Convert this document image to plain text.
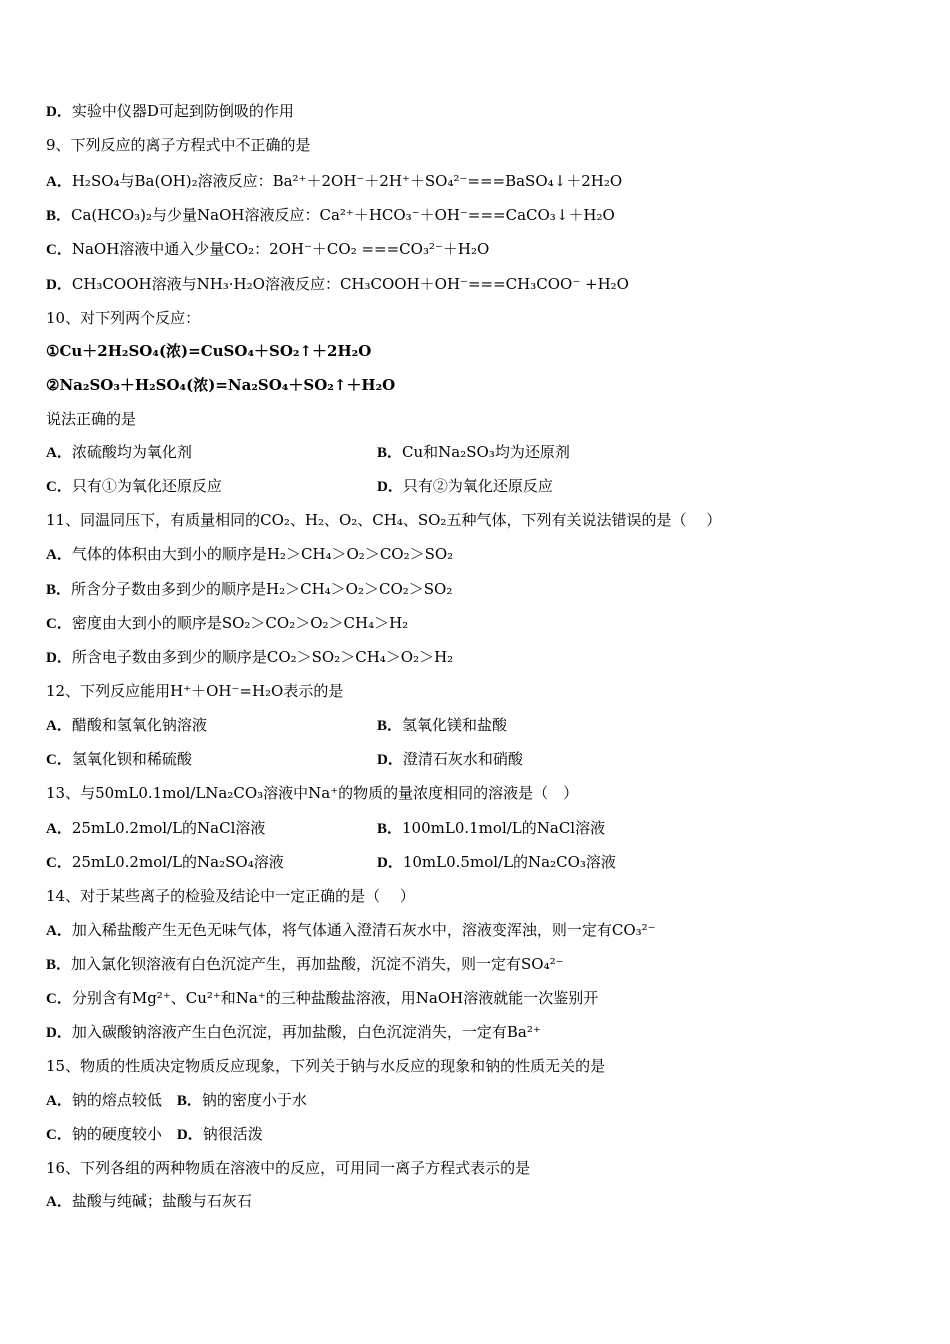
D．实验中仪器D可起到防倒吸的作用
9、下列反应的离子方程式中不正确的是
A．H₂SO₄与Ba(OH)₂溶液反应：Ba²⁺＋2OH⁻＋2H⁺＋SO₄²⁻===BaSO₄↓＋2H₂O
B．Ca(HCO₃)₂与少量NaOH溶液反应：Ca²⁺＋HCO₃⁻＋OH⁻===CaCO₃↓＋H₂O
C．NaOH溶液中通入少量CO₂：2OH⁻＋CO₂ ===CO₃²⁻＋H₂O
D．CH₃COOH溶液与NH₃·H₂O溶液反应：CH₃COOH＋OH⁻===CH₃COO⁻ +H₂O
10、对下列两个反应：
①Cu＋2H₂SO₄(浓)=CuSO₄＋SO₂↑＋2H₂O
②Na₂SO₃＋H₂SO₄(浓)=Na₂SO₄＋SO₂↑＋H₂O
说法正确的是
A．浓硫酸均为氧化剂	B．Cu和Na₂SO₃均为还原剂
C．只有①为氧化还原反应	D．只有②为氧化还原反应
11、同温同压下，有质量相同的CO₂、H₂、O₂、CH₄、SO₂五种气体，下列有关说法错误的是（　 ）
A．气体的体积由大到小的顺序是H₂＞CH₄＞O₂＞CO₂＞SO₂
B．所含分子数由多到少的顺序是H₂＞CH₄＞O₂＞CO₂＞SO₂
C．密度由大到小的顺序是SO₂＞CO₂＞O₂＞CH₄＞H₂
D．所含电子数由多到少的顺序是CO₂＞SO₂＞CH₄＞O₂＞H₂
12、下列反应能用H⁺＋OH⁻=H₂O表示的是
A．醋酸和氢氧化钠溶液	B．氢氧化镁和盐酸
C．氢氧化钡和稀硫酸	D．澄清石灰水和硝酸
13、与50mL0.1mol/LNa₂CO₃溶液中Na⁺的物质的量浓度相同的溶液是（　）
A．25mL0.2mol/L的NaCl溶液	B．100mL0.1mol/L的NaCl溶液
C．25mL0.2mol/L的Na₂SO₄溶液	D．10mL0.5mol/L的Na₂CO₃溶液
14、对于某些离子的检验及结论中一定正确的是（　 ）
A．加入稀盐酸产生无色无味气体，将气体通入澄清石灰水中，溶液变浑浊，则一定有CO₃²⁻
B．加入氯化钡溶液有白色沉淀产生，再加盐酸，沉淀不消失，则一定有SO₄²⁻
C．分别含有Mg²⁺、Cu²⁺和Na⁺的三种盐酸盐溶液，用NaOH溶液就能一次鉴别开
D．加入碳酸钠溶液产生白色沉淀，再加盐酸，白色沉淀消失，一定有Ba²⁺
15、物质的性质决定物质反应现象，下列关于钠与水反应的现象和钠的性质无关的是
A．钠的熔点较低　B．钠的密度小于水
C．钠的硬度较小　D．钠很活泼
16、下列各组的两种物质在溶液中的反应，可用同一离子方程式表示的是
A．盐酸与纯碱；盐酸与石灰石
